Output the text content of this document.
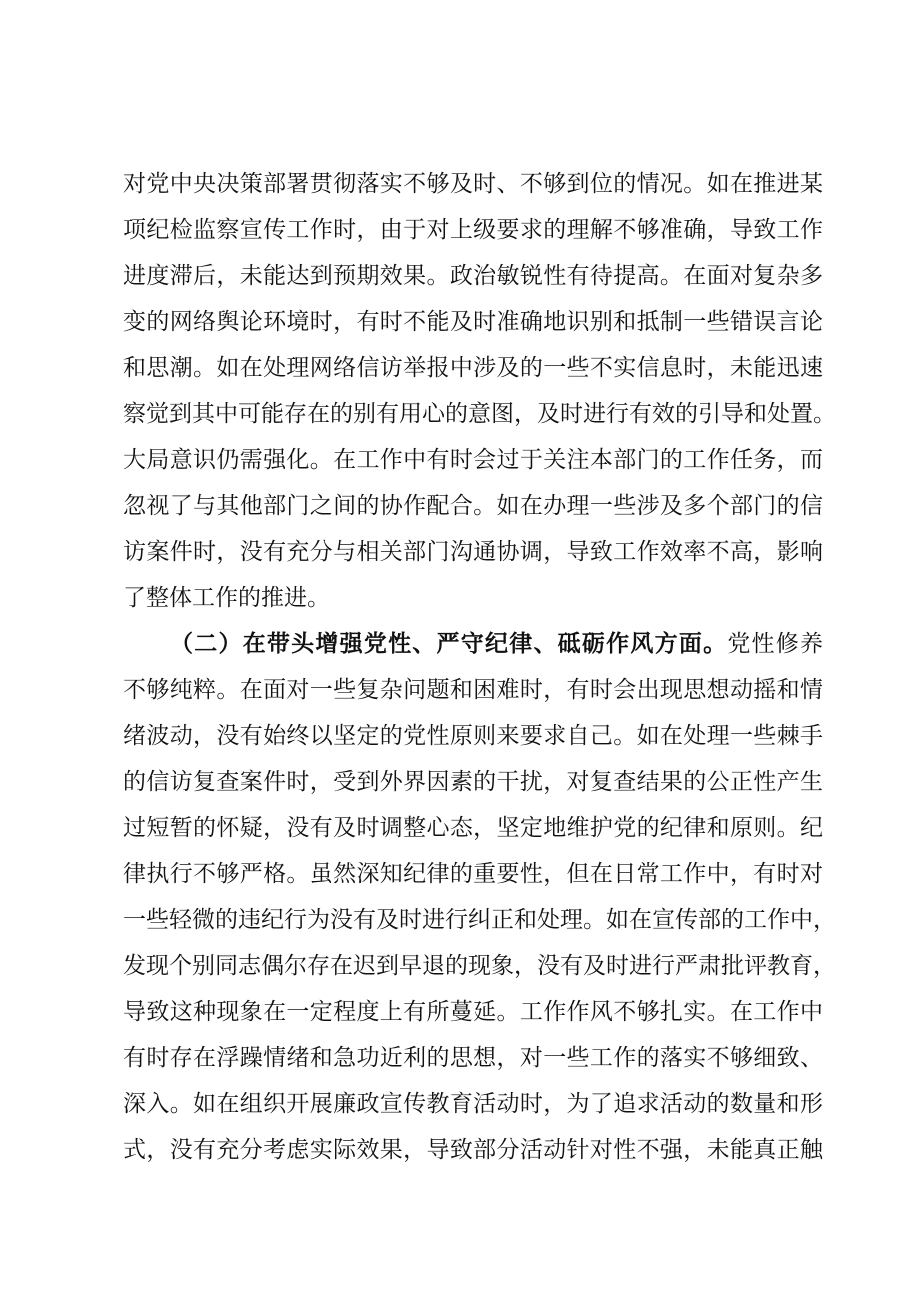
对党中央决策部署贯彻落实不够及时、不够到位的情况。如在推进某
项纪检监察宣传工作时，由于对上级要求的理解不够准确，导致工作
进度滞后，未能达到预期效果。政治敏锐性有待提高。在面对复杂多
变的网络舆论环境时，有时不能及时准确地识别和抵制一些错误言论
和思潮。如在处理网络信访举报中涉及的一些不实信息时，未能迅速
察觉到其中可能存在的别有用心的意图，及时进行有效的引导和处置。
大局意识仍需强化。在工作中有时会过于关注本部门的工作任务，而
忽视了与其他部门之间的协作配合。如在办理一些涉及多个部门的信
访案件时，没有充分与相关部门沟通协调，导致工作效率不高，影响
了整体工作的推进。
（二）在带头增强党性、严守纪律、砥砺作风方面。党性修养
不够纯粹。在面对一些复杂问题和困难时，有时会出现思想动摇和情
绪波动，没有始终以坚定的党性原则来要求自己。如在处理一些棘手
的信访复查案件时，受到外界因素的干扰，对复查结果的公正性产生
过短暂的怀疑，没有及时调整心态，坚定地维护党的纪律和原则。纪
律执行不够严格。虽然深知纪律的重要性，但在日常工作中，有时对
一些轻微的违纪行为没有及时进行纠正和处理。如在宣传部的工作中，
发现个别同志偶尔存在迟到早退的现象，没有及时进行严肃批评教育，
导致这种现象在一定程度上有所蔓延。工作作风不够扎实。在工作中
有时存在浮躁情绪和急功近利的思想，对一些工作的落实不够细致、
深入。如在组织开展廉政宣传教育活动时，为了追求活动的数量和形
式，没有充分考虑实际效果，导致部分活动针对性不强，未能真正触
